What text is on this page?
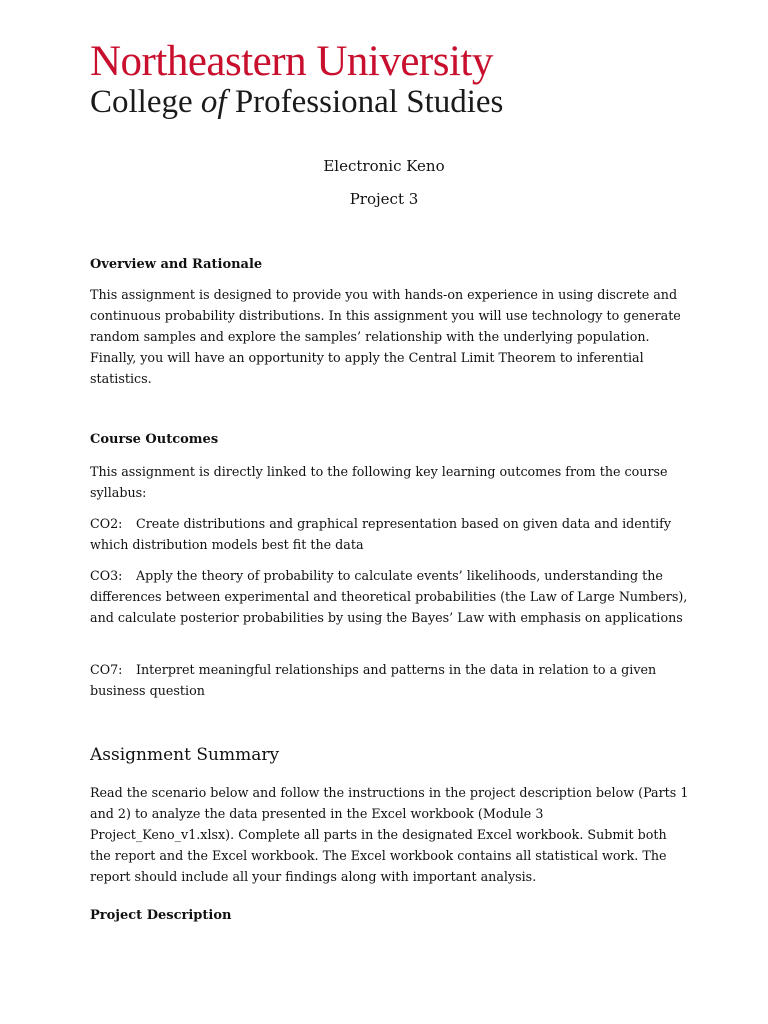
Northeastern University
College of Professional Studies
Electronic Keno
Project 3
Overview and Rationale

This assignment is designed to provide you with hands-on experience in using discrete and continuous probability distributions. In this assignment you will use technology to generate random samples and explore the samples’ relationship with the underlying population. Finally, you will have an opportunity to apply the Central Limit Theorem to inferential statistics.

Course Outcomes

This assignment is directly linked to the following key learning outcomes from the course syllabus:

CO2: Create distributions and graphical representation based on given data and identify which distribution models best fit the data

CO3: Apply the theory of probability to calculate events’ likelihoods, understanding the differences between experimental and theoretical probabilities (the Law of Large Numbers), and calculate posterior probabilities by using the Bayes’ Law with emphasis on applications

CO7: Interpret meaningful relationships and patterns in the data in relation to a given business question

Assignment Summary

Read the scenario below and follow the instructions in the project description below (Parts 1 and 2) to analyze the data presented in the Excel workbook (Module 3 Project_Keno_v1.xlsx). Complete all parts in the designated Excel workbook. Submit both the report and the Excel workbook. The Excel workbook contains all statistical work. The report should include all your findings along with important analysis.

Project Description
